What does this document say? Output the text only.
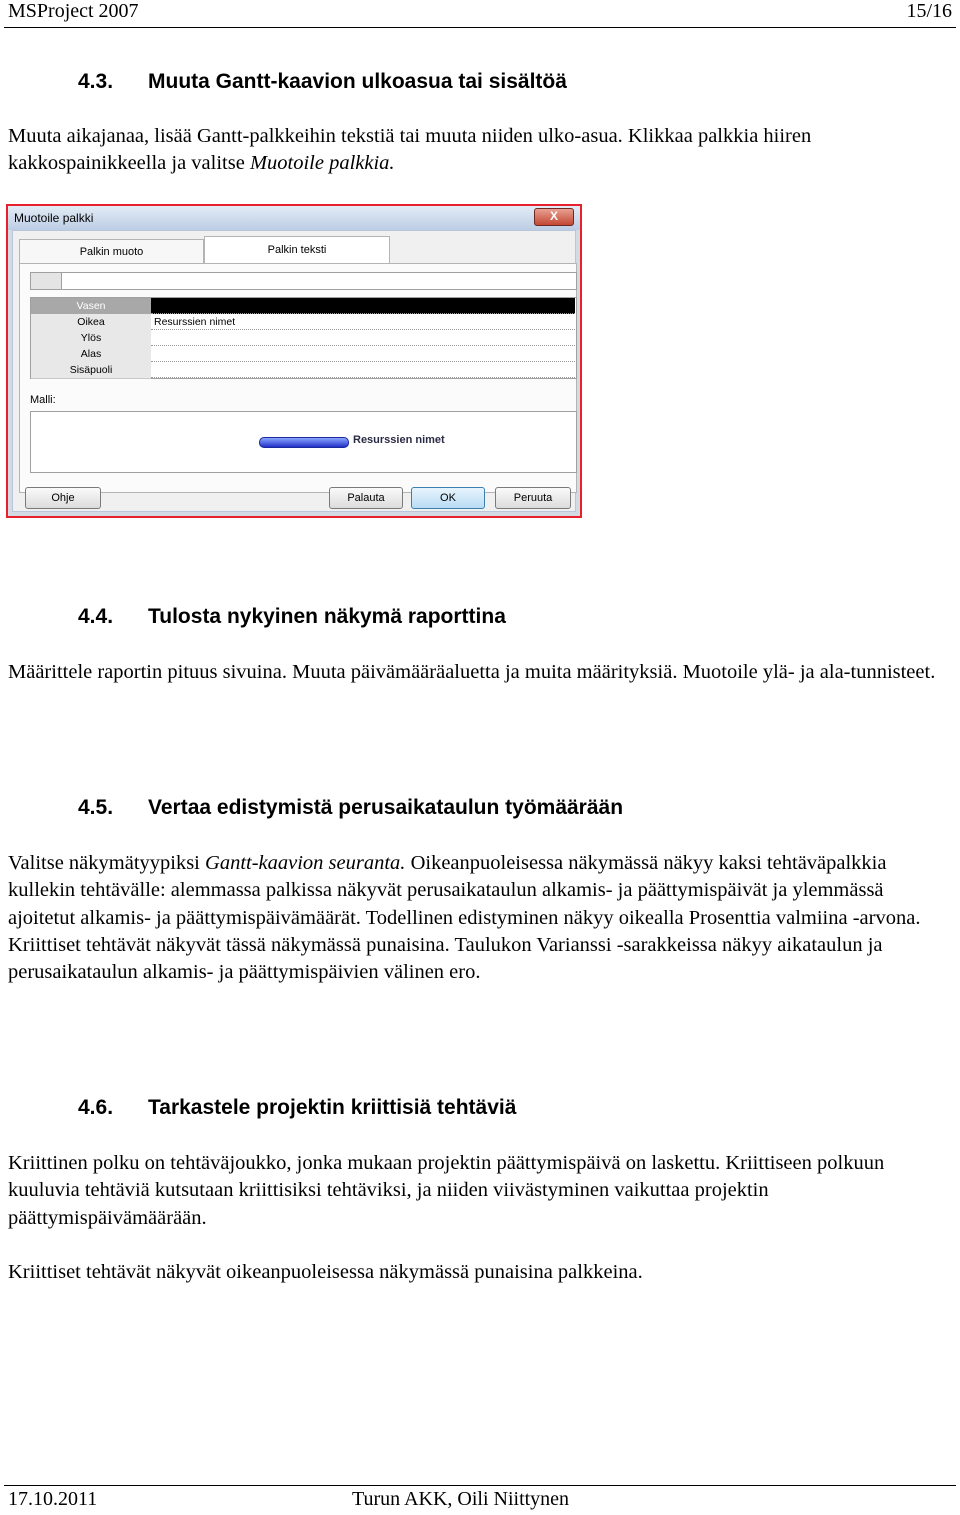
MSProject 2007	15/16
4.3. Muuta Gantt-kaavion ulkoasua tai sisältöä

Muuta aikajanaa, lisää Gantt-palkkeihin tekstiä tai muuta niiden ulko-asua. Klikkaa palkkia hiiren kakkospainikkeella ja valitse Muotoile palkkia.

Muotoile palkki	X
Palkin muoto	Palkin teksti
Vasen
Oikea	Resurssien nimet
Ylös
Alas
Sisäpuoli
Malli:
Resurssien nimet
Ohje	Palauta	OK	Peruuta
4.4. Tulosta nykyinen näkymä raporttina

Määrittele raportin pituus sivuina. Muuta päivämääräaluetta ja muita määrityksiä. Muotoile ylä- ja ala-tunnisteet.

4.5. Vertaa edistymistä perusaikataulun työmäärään

Valitse näkymätyypiksi Gantt-kaavion seuranta. Oikeanpuoleisessa näkymässä näkyy kaksi tehtäväpalkkia kullekin tehtävälle: alemmassa palkissa näkyvät perusaikataulun alkamis- ja päättymispäivät ja ylemmässä ajoitetut alkamis- ja päättymispäivämäärät. Todellinen edistyminen näkyy oikealla Prosenttia valmiina -arvona. Kriittiset tehtävät näkyvät tässä näkymässä punaisina. Taulukon Varianssi -sarakkeissa näkyy aikataulun ja perusaikataulun alkamis- ja päättymispäivien välinen ero.

4.6. Tarkastele projektin kriittisiä tehtäviä

Kriittinen polku on tehtäväjoukko, jonka mukaan projektin päättymispäivä on laskettu. Kriittiseen polkuun kuuluvia tehtäviä kutsutaan kriittisiksi tehtäviksi, ja niiden viivästyminen vaikuttaa projektin päättymispäivämäärään.

Kriittiset tehtävät näkyvät oikeanpuoleisessa näkymässä punaisina palkkeina.

17.10.2011	Turun AKK, Oili Niittynen
